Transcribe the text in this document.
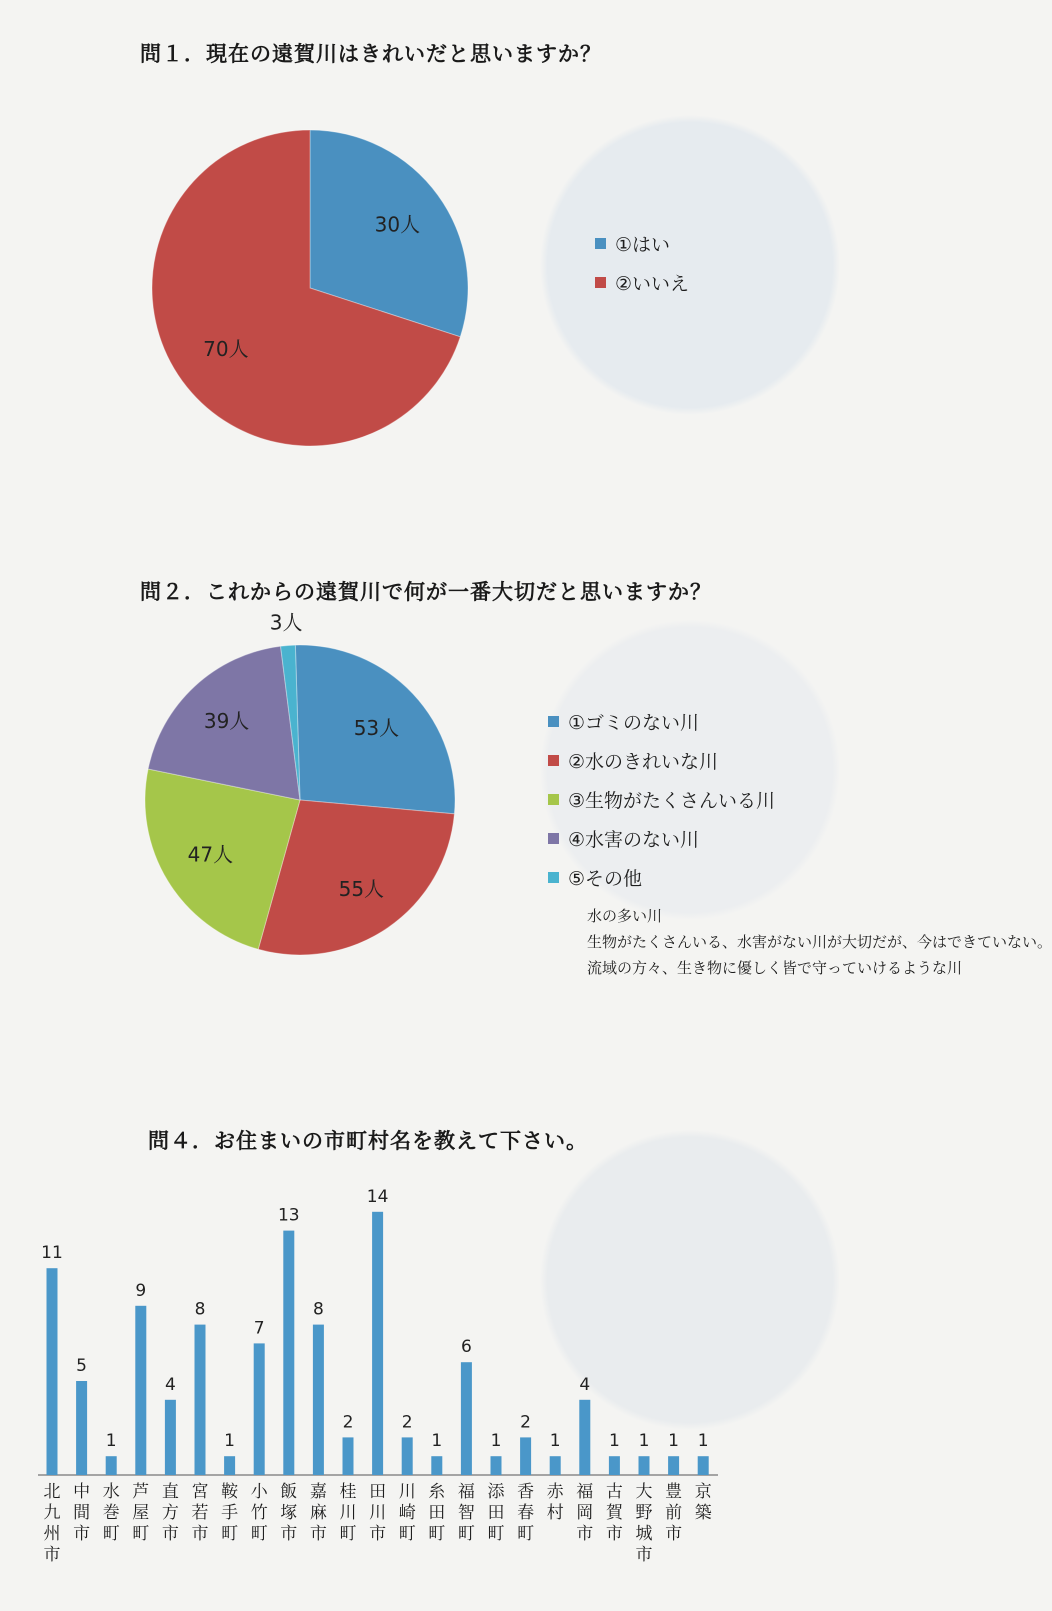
問１．現在の遠賀川はきれいだと思いますか？
30人
70人
①はい
②いいえ
問２．これからの遠賀川で何が一番大切だと思いますか？
53人
55人
47人
39人
3人
①ゴミのない川
②水のきれいな川
③生物がたくさんいる川
④水害のない川
⑤その他
水の多い川
生物がたくさんいる、水害がない川が大切だが、今はできていない。
流域の方々、生き物に優しく皆で守っていけるような川
問４．お住まいの市町村名を教えて下さい。
11
5
1
9
4
8
1
7
13
8
2
14
2
1
6
1
2
1
4
1 1 1 1
北九州市
中間市
水巻町
芦屋町
直方市
宮若市
鞍手町
小竹町
飯塚市
嘉麻市
桂川町
田川市
川崎町
糸田町
福智町
添田町
香春町
赤村
福岡市
古賀市
大野城市
豊前市
京築
